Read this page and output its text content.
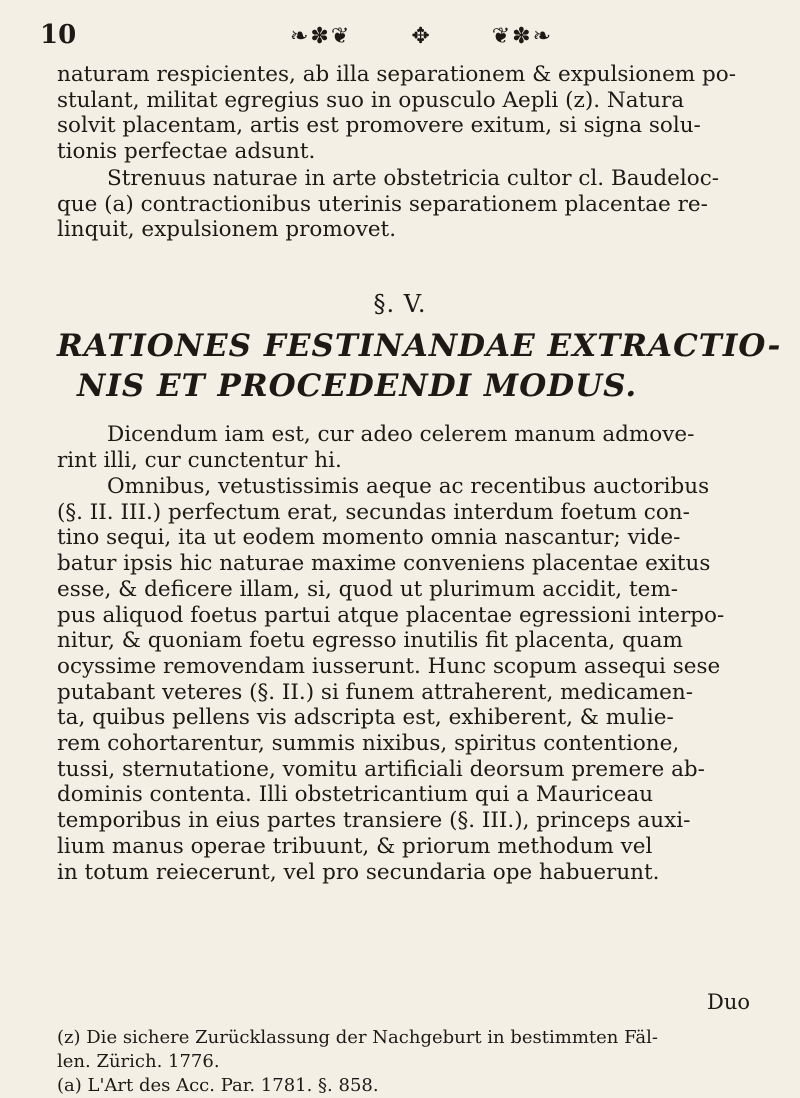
10	❧✽❦	✥	❦✽❧
naturam respicientes, ab illa separationem & expulsionem po-
stulant, militat egregius suo in opusculo Aepli (z). Natura
solvit placentam, artis est promovere exitum, si signa solu-
tionis perfectae adsunt.
Strenuus naturae in arte obstetricia cultor cl. Baudeloc-
que (a) contractionibus uterinis separationem placentae re-
linquit, expulsionem promovet.
§. V.
RATIONES FESTINANDAE EXTRACTIO-
NIS ET PROCEDENDI MODUS.
Dicendum iam est, cur adeo celerem manum admove-
rint illi, cur cunctentur hi.
Omnibus, vetustissimis aeque ac recentibus auctoribus
(§. II. III.) perfectum erat, secundas interdum foetum con-
tino sequi, ita ut eodem momento omnia nascantur; vide-
batur ipsis hic naturae maxime conveniens placentae exitus
esse, & deficere illam, si, quod ut plurimum accidit, tem-
pus aliquod foetus partui atque placentae egressioni interpo-
nitur, & quoniam foetu egresso inutilis fit placenta, quam
ocyssime removendam iusserunt. Hunc scopum assequi sese
putabant veteres (§. II.) si funem attraherent, medicamen-
ta, quibus pellens vis adscripta est, exhiberent, & mulie-
rem cohortarentur, summis nixibus, spiritus contentione,
tussi, sternutatione, vomitu artificiali deorsum premere ab-
dominis contenta. Illi obstetricantium qui a Mauriceau
temporibus in eius partes transiere (§. III.), princeps auxi-
lium manus operae tribuunt, & priorum methodum vel
in totum reiecerunt, vel pro secundaria ope habuerunt.
Duo
(z) Die sichere Zurücklassung der Nachgeburt in bestimmten Fäl-
len. Zürich. 1776.
(a) L'Art des Acc. Par. 1781. §. 858.
